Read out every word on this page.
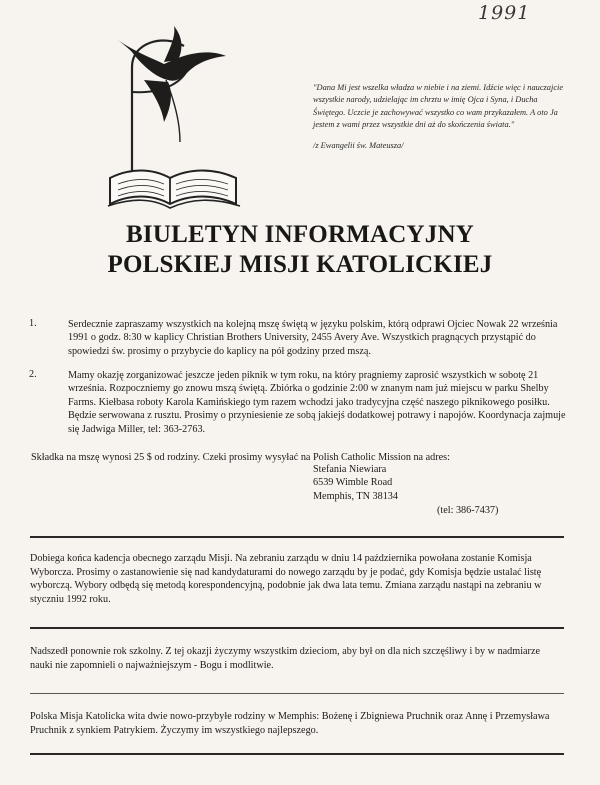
1991

"Dana Mi jest wszelka władza w niebie i na ziemi. Idźcie więc i nauczajcie wszystkie narody, udzielając im chrztu w imię Ojca i Syna, i Ducha Świętego. Uczcie je zachowywać wszystko co wam przykazałem. A oto Ja jestem z wami przez wszystkie dni aż do skończenia świata."

/z Ewangelii św. Mateusza/

BIULETYN INFORMACYJNY
POLSKIEJ MISJI KATOLICKIEJ
1.	Serdecznie zapraszamy wszystkich na kolejną mszę świętą w języku polskim, którą odprawi Ojciec Nowak 22 września 1991 o godz. 8:30 w kaplicy Christian Brothers University, 2455 Avery Ave. Wszystkich pragnących przystąpić do spowiedzi św. prosimy o przybycie do kaplicy na pół godziny przed mszą.
2.	Mamy okazję zorganizować jeszcze jeden piknik w tym roku, na który pragniemy zaprosić wszystkich w sobotę 21 września. Rozpoczniemy go znowu mszą świętą. Zbiórka o godzinie 2:00 w znanym nam już miejscu w parku Shelby Farms. Kiełbasa roboty Karola Kamińskiego tym razem wchodzi jako tradycyjna część naszego piknikowego posiłku. Będzie serwowana z rusztu. Prosimy o przyniesienie ze sobą jakiejś dodatkowej potrawy i napojów. Koordynacja zajmuje się Jadwiga Miller, tel: 363-2763.
Składka na mszę wynosi 25 $ od rodziny. Czeki prosimy wysyłać na Polish Catholic Mission na adres:
Stefania Niewiara
6539 Wimble Road
Memphis, TN 38134
(tel: 386-7437)
Dobiega końca kadencja obecnego zarządu Misji. Na zebraniu zarządu w dniu 14 października powołana zostanie Komisja Wyborcza. Prosimy o zastanowienie się nad kandydaturami do nowego zarządu by je podać, gdy Komisja będzie ustalać listę wyborczą. Wybory odbędą się metodą korespondencyjną, podobnie jak dwa lata temu. Zmiana zarządu nastąpi na zebraniu w styczniu 1992 roku.
Nadszedł ponownie rok szkolny. Z tej okazji życzymy wszystkim dzieciom, aby był on dla nich szczęśliwy i by w nadmiarze nauki nie zapomnieli o najważniejszym - Bogu i modlitwie.
Polska Misja Katolicka wita dwie nowo-przybyłe rodziny w Memphis: Bożenę i Zbigniewa Pruchnik oraz Annę i Przemysława Pruchnik z synkiem Patrykiem. Życzymy im wszystkiego najlepszego.
